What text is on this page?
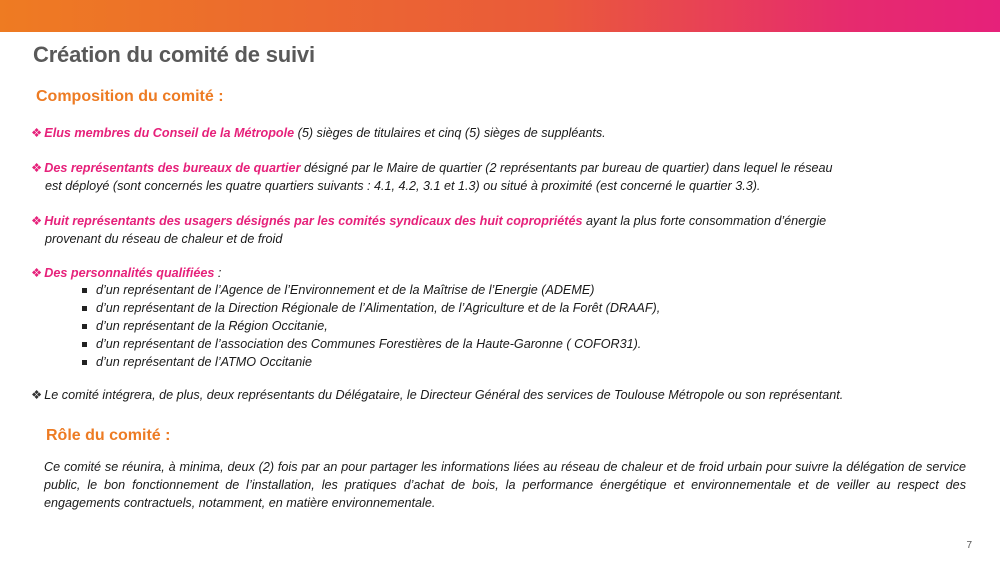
Création du comité de suivi
Composition du comité :
❖ Elus membres du Conseil de la Métropole (5) sièges de titulaires et cinq (5) sièges de suppléants.
❖ Des représentants des bureaux de quartier désigné par le Maire de quartier (2 représentants par bureau de quartier) dans lequel le réseau
est déployé (sont concernés les quatre quartiers suivants : 4.1, 4.2, 3.1 et 1.3) ou situé à proximité (est concerné le quartier 3.3).
❖ Huit représentants des usagers désignés par les comités syndicaux des huit copropriétés ayant la plus forte consommation d’énergie
provenant du réseau de chaleur et de froid
❖ Des personnalités qualifiées :
d’un représentant de l’Agence de l’Environnement et de la Maîtrise de l’Energie (ADEME)
d’un représentant de la Direction Régionale de l’Alimentation, de l’Agriculture et de la Forêt (DRAAF),
d’un représentant de la Région Occitanie,
d’un représentant de l’association des Communes Forestières de la Haute-Garonne ( COFOR31).
d’un représentant de l’ATMO Occitanie
❖ Le comité intégrera, de plus, deux représentants du Délégataire, le Directeur Général des services de Toulouse Métropole ou son représentant.
Rôle du comité :
Ce comité se réunira, à minima, deux (2) fois par an pour partager les informations liées au réseau de chaleur et de froid urbain pour suivre la délégation de service public, le bon fonctionnement de l’installation, les pratiques d’achat de bois, la performance énergétique et environnementale et de veiller au respect des engagements contractuels, notamment, en matière environnementale.
7
